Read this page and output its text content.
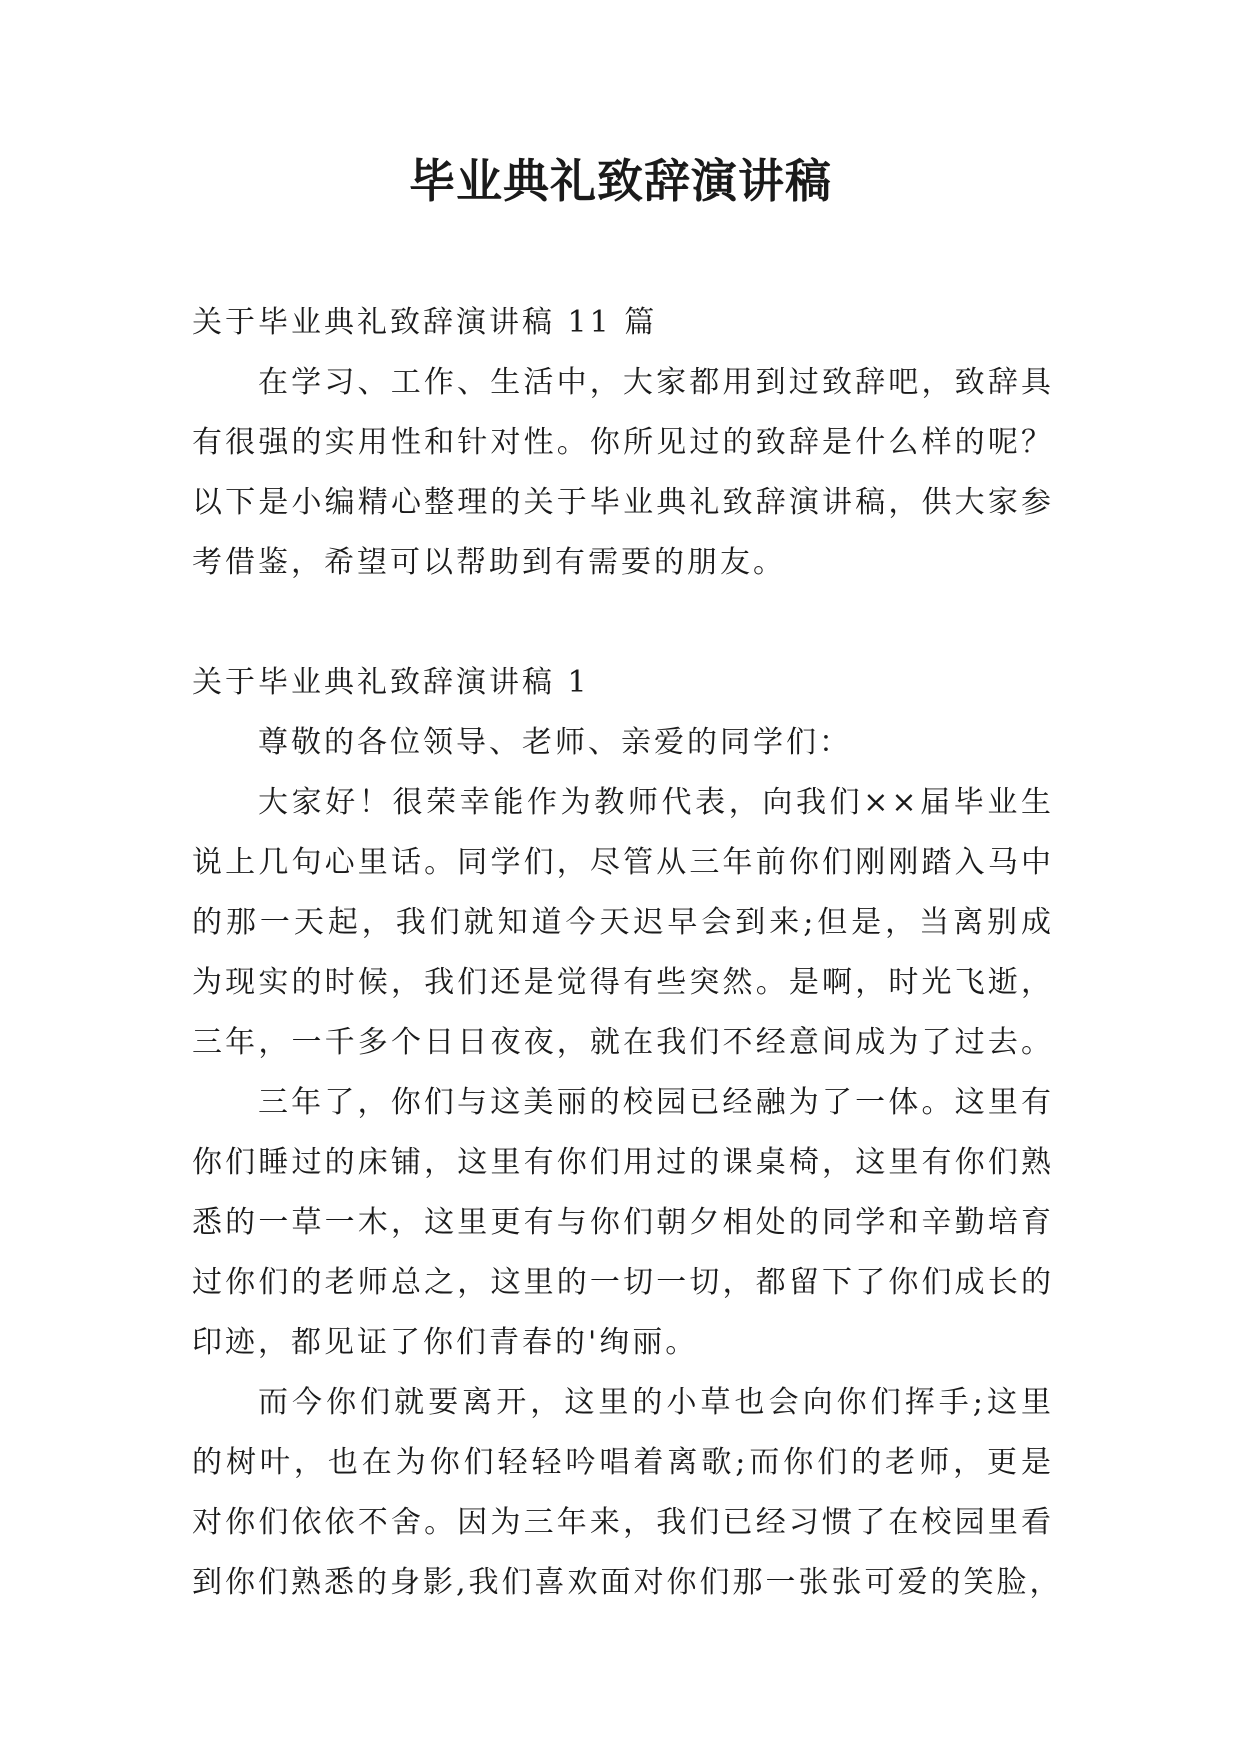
毕业典礼致辞演讲稿
关于毕业典礼致辞演讲稿 11 篇
在学习、工作、生活中，大家都用到过致辞吧，致辞具
有很强的实用性和针对性。你所见过的致辞是什么样的呢？
以下是小编精心整理的关于毕业典礼致辞演讲稿，供大家参
考借鉴，希望可以帮助到有需要的朋友。
关于毕业典礼致辞演讲稿 1
尊敬的各位领导、老师、亲爱的同学们：
大家好！很荣幸能作为教师代表，向我们××届毕业生
说上几句心里话。同学们，尽管从三年前你们刚刚踏入马中
的那一天起，我们就知道今天迟早会到来;但是，当离别成
为现实的时候，我们还是觉得有些突然。是啊，时光飞逝，
三年，一千多个日日夜夜，就在我们不经意间成为了过去。
三年了，你们与这美丽的校园已经融为了一体。这里有
你们睡过的床铺，这里有你们用过的课桌椅，这里有你们熟
悉的一草一木，这里更有与你们朝夕相处的同学和辛勤培育
过你们的老师总之，这里的一切一切，都留下了你们成长的
印迹，都见证了你们青春的'绚丽。
而今你们就要离开，这里的小草也会向你们挥手;这里
的树叶，也在为你们轻轻吟唱着离歌;而你们的老师，更是
对你们依依不舍。因为三年来，我们已经习惯了在校园里看
到你们熟悉的身影,我们喜欢面对你们那一张张可爱的笑脸，
